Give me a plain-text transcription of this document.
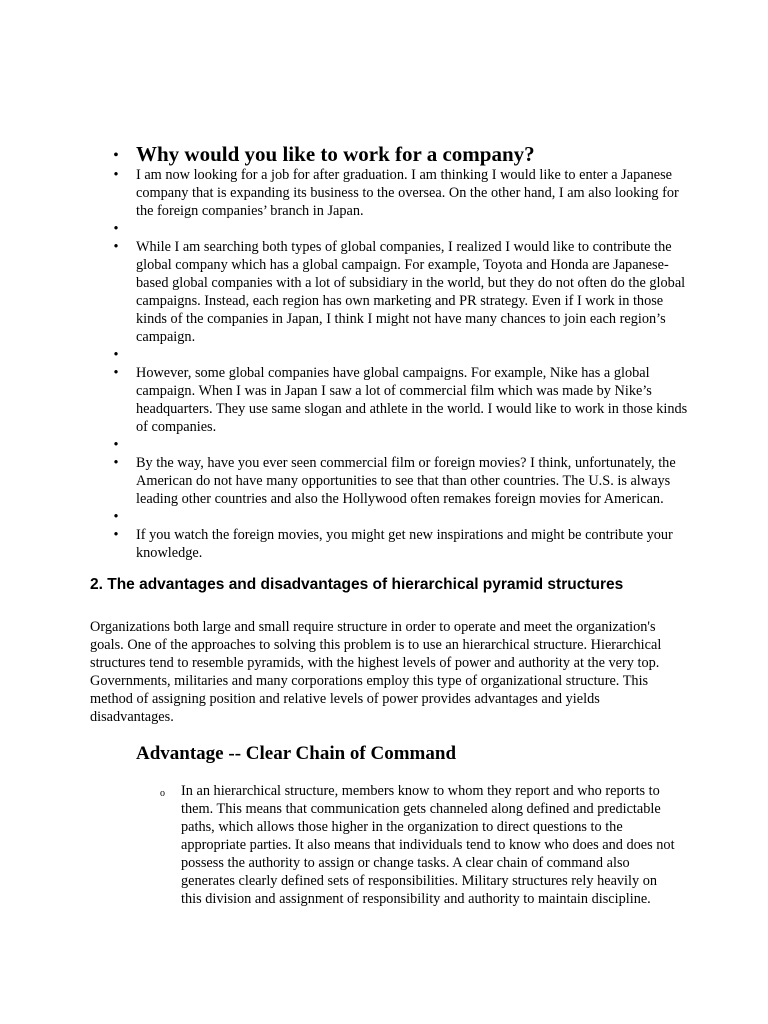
• Why would you like to work for a company?
• I am now looking for a job for after graduation. I am thinking I would like to enter a Japanese company that is expanding its business to the oversea. On the other hand, I am also looking for the foreign companies’ branch in Japan.
•
• While I am searching both types of global companies, I realized I would like to contribute the global company which has a global campaign. For example, Toyota and Honda are Japanese-based global companies with a lot of subsidiary in the world, but they do not often do the global campaigns. Instead, each region has own marketing and PR strategy. Even if I work in those kinds of the companies in Japan, I think I might not have many chances to join each region’s campaign.
•
• However, some global companies have global campaigns. For example, Nike has a global campaign. When I was in Japan I saw a lot of commercial film which was made by Nike’s headquarters. They use same slogan and athlete in the world. I would like to work in those kinds of companies.
•
• By the way, have you ever seen commercial film or foreign movies? I think, unfortunately, the American do not have many opportunities to see that than other countries. The U.S. is always leading other countries and also the Hollywood often remakes foreign movies for American.
•
• If you watch the foreign movies, you might get new inspirations and might be contribute your knowledge.
2. The advantages and disadvantages of hierarchical pyramid structures

Organizations both large and small require structure in order to operate and meet the organization's goals. One of the approaches to solving this problem is to use an hierarchical structure. Hierarchical structures tend to resemble pyramids, with the highest levels of power and authority at the very top. Governments, militaries and many corporations employ this type of organizational structure. This method of assigning position and relative levels of power provides advantages and yields disadvantages.

Advantage -- Clear Chain of Command
o In an hierarchical structure, members know to whom they report and who reports to them. This means that communication gets channeled along defined and predictable paths, which allows those higher in the organization to direct questions to the appropriate parties. It also means that individuals tend to know who does and does not possess the authority to assign or change tasks. A clear chain of command also generates clearly defined sets of responsibilities. Military structures rely heavily on this division and assignment of responsibility and authority to maintain discipline.
